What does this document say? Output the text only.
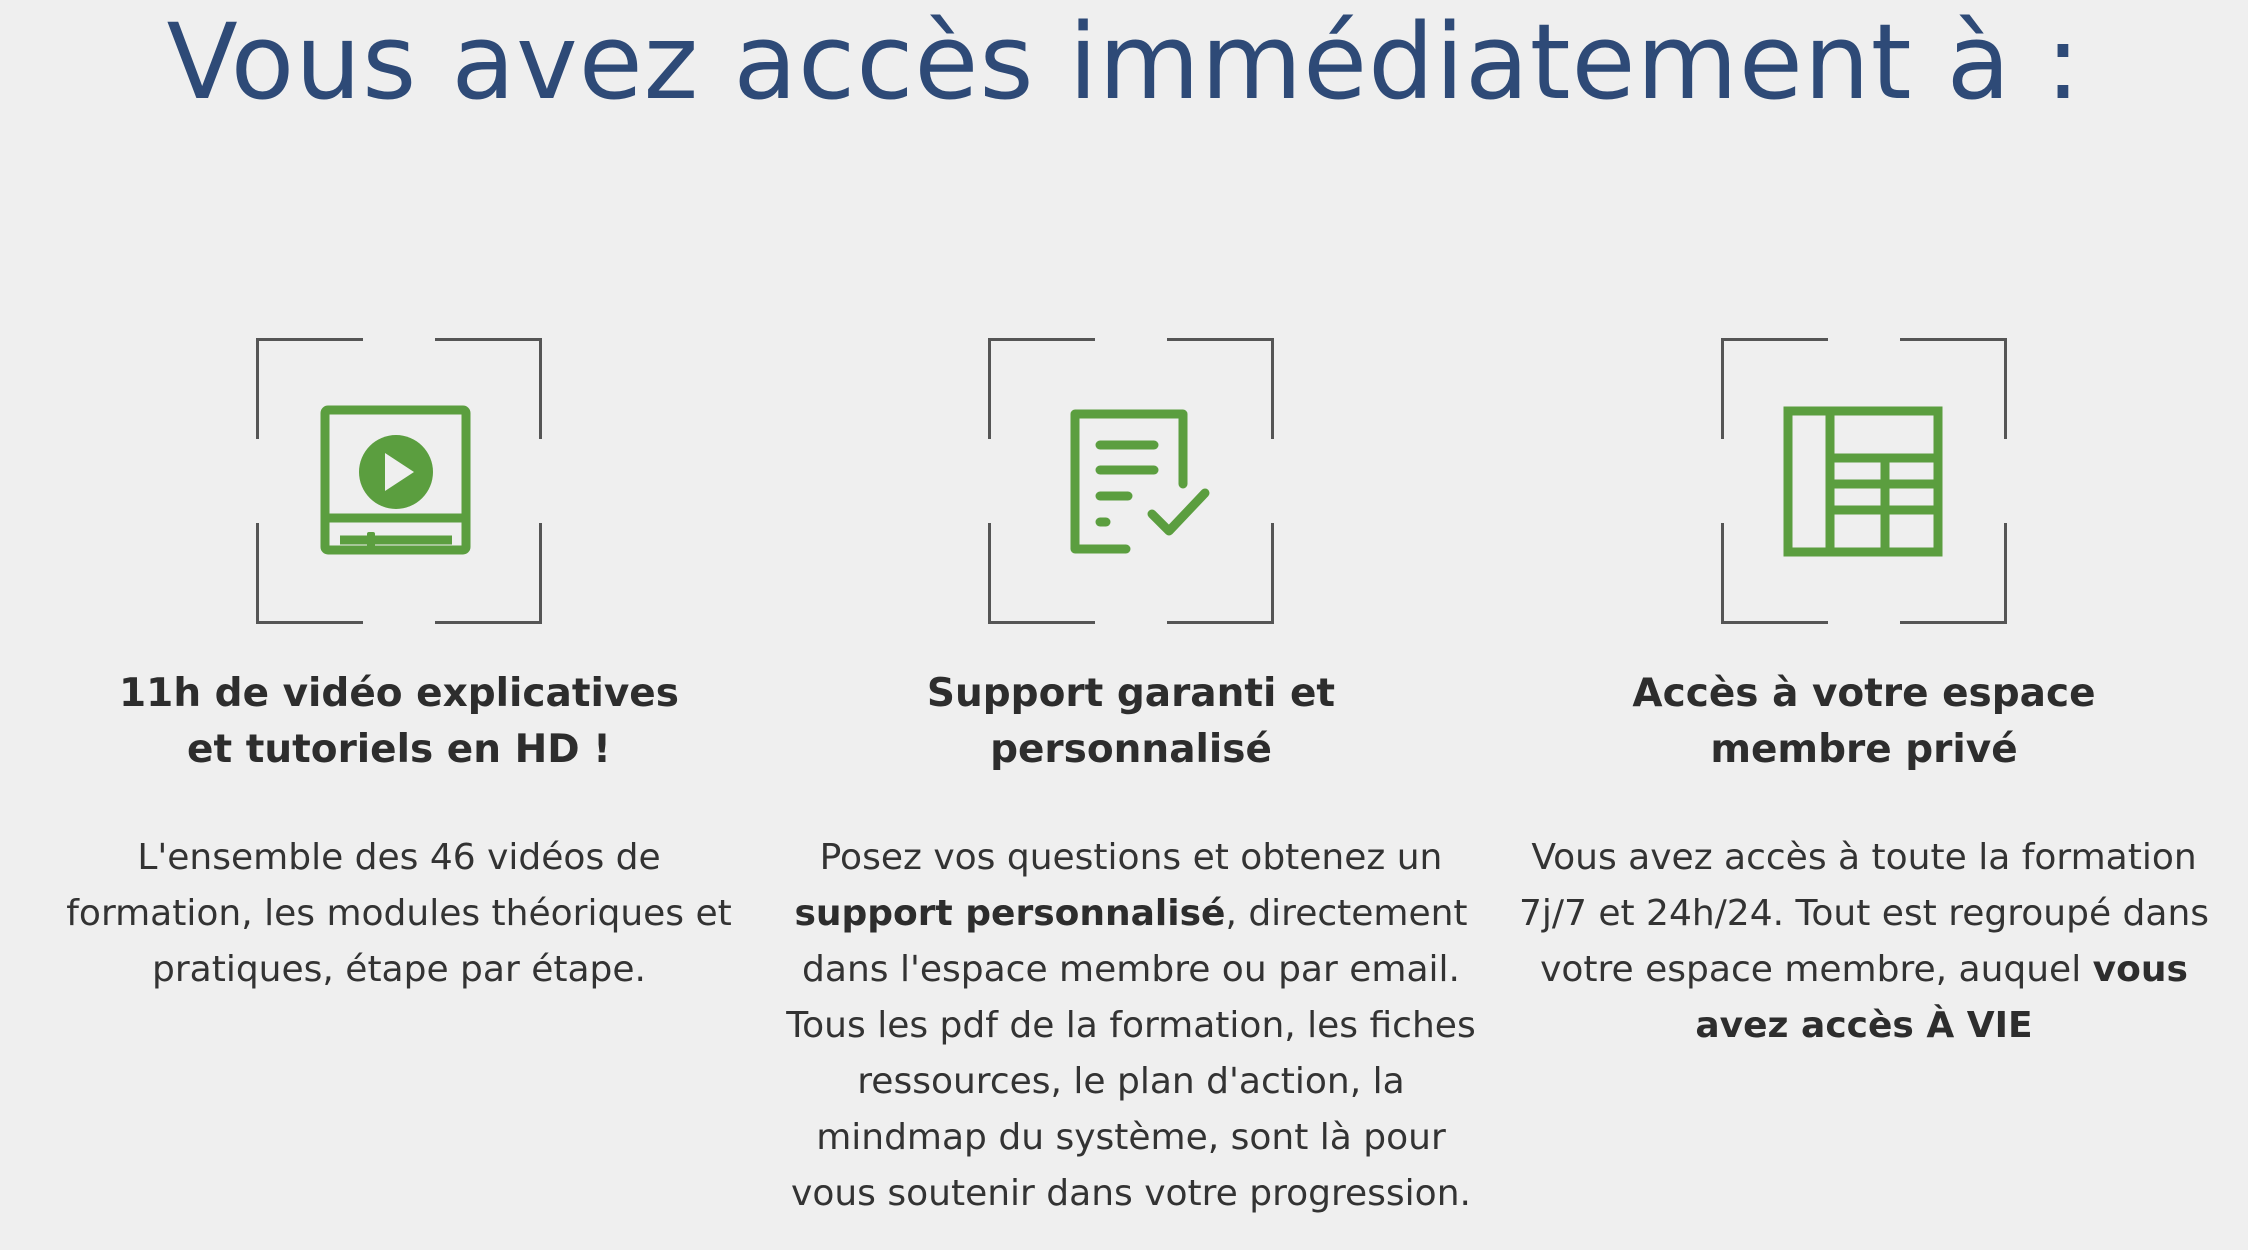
Vous avez accès immédiatement à :
11h de vidéo explicatives et tutoriels en HD !
L'ensemble des 46 vidéos de formation, les modules théoriques et pratiques, étape par étape.
Support garanti et personnalisé
Posez vos questions et obtenez un support personnalisé, directement dans l'espace membre ou par email. Tous les pdf de la formation, les fiches ressources, le plan d'action, la mindmap du système, sont là pour vous soutenir dans votre progression.
Accès à votre espace membre privé
Vous avez accès à toute la formation 7j/7 et 24h/24. Tout est regroupé dans votre espace membre, auquel vous avez accès À VIE
